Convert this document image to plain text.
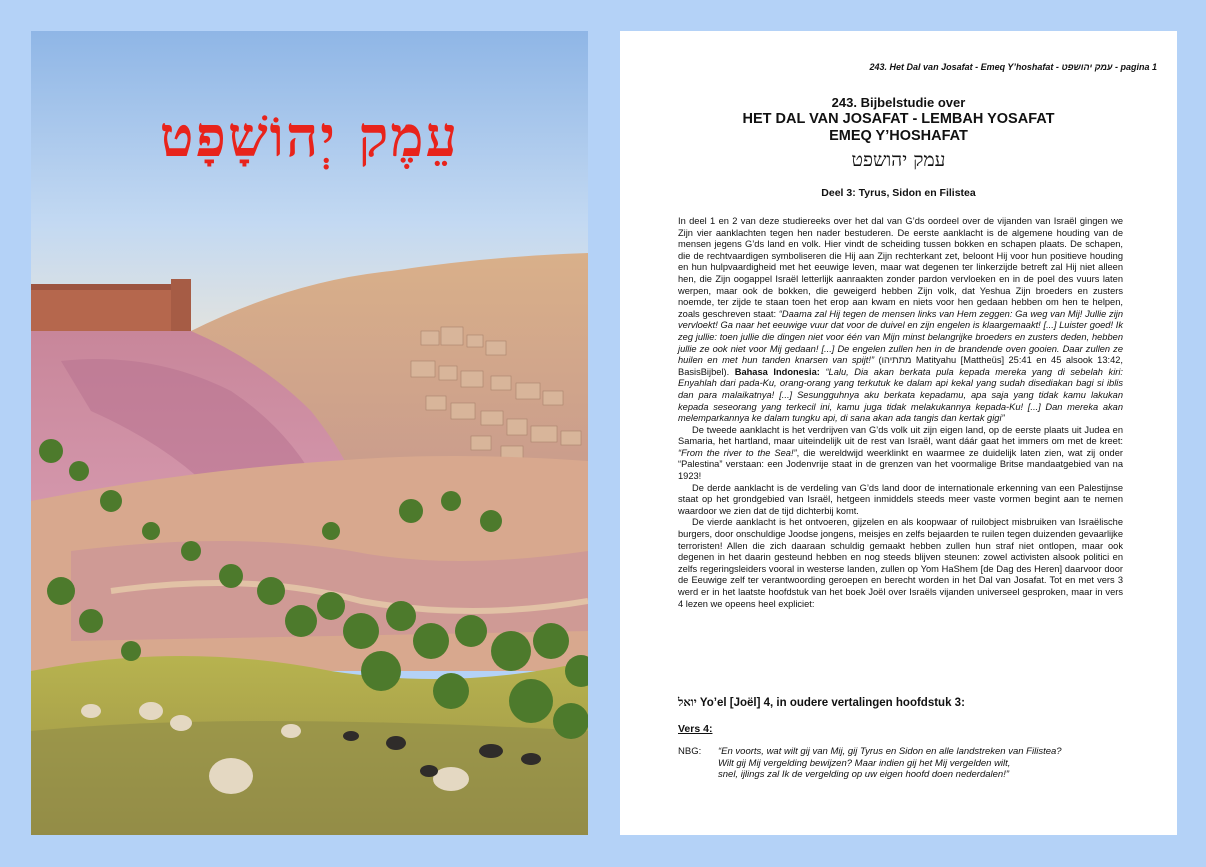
עֵמֶק יְהוֹשָׁפָט
243. Het Dal van Josafat - Emeq Y’hoshafat - עמק יהושפט - pagina 1
243. Bijbelstudie over
HET DAL VAN JOSAFAT - LEMBAH YOSAFAT
EMEQ Y’HOSHAFAT
עמק יהושפט
Deel 3: Tyrus, Sidon en Filistea

In deel 1 en 2 van deze studiereeks over het dal van G’ds oordeel over de vijanden van Israël gingen we Zijn vier aanklachten tegen hen nader bestuderen. De eerste aanklacht is de algemene houding van de mensen jegens G’ds land en volk. Hier vindt de scheiding tussen bokken en schapen plaats. De schapen, die de rechtvaardigen symboliseren die Hij aan Zijn rechterkant zet, beloont Hij voor hun positieve houding en hun hulpvaardigheid met het eeuwige leven, maar wat degenen ter linkerzijde betreft zal Hij niet alleen hen, die Zijn oogappel Israël letterlijk aanraakten zonder pardon vervloeken en in de poel des vuurs laten werpen, maar ook de bokken, die geweigerd hebben Zijn volk, dat Yeshua Zijn broeders en zusters noemde, ter zijde te staan toen het erop aan kwam en niets voor hen gedaan hebben om hen te helpen, zoals geschreven staat: “Daama zal Hij tegen de mensen links van Hem zeggen: Ga weg van Mij! Jullie zijn vervloekt! Ga naar het eeuwige vuur dat voor de duivel en zijn engelen is klaargemaakt! [...] Luister goed! Ik zeg jullie: toen jullie die dingen niet voor één van Mijn minst belangrijke broeders en zusters deden, hebben jullie ze ook niet voor Mij gedaan! [...] De engelen zullen hen in de brandende oven gooien. Daar zullen ze huilen en met hun tanden knarsen van spijt!” (מתתיהו Matityahu [Mattheüs] 25:41 en 45 alsook 13:42, BasisBijbel). Bahasa Indonesia: “Lalu, Dia akan berkata pula kepada mereka yang di sebelah kiri: Enyahlah dari pada-Ku, orang-orang yang terkutuk ke dalam api kekal yang sudah disediakan bagi si iblis dan para malaikatnya! [...] Sesungguhnya aku berkata kepadamu, apa saja yang tidak kamu lakukan kepada seseorang yang terkecil ini, kamu juga tidak melakukannya kepada-Ku! [...] Dan mereka akan melemparkannya ke dalam tungku api, di sana akan ada tangis dan kertak gigi”

De tweede aanklacht is het verdrijven van G’ds volk uit zijn eigen land, op de eerste plaats uit Judea en Samaria, het hartland, maar uiteindelijk uit de rest van Israël, want dáár gaat het immers om met de kreet: “From the river to the Sea!”, die wereldwijd weerklinkt en waarmee ze duidelijk laten zien, wat zij onder “Palestina” verstaan: een Jodenvrije staat in de grenzen van het voormalige Britse mandaatgebied van na 1923!

De derde aanklacht is de verdeling van G’ds land door de internationale erkenning van een Palestijnse staat op het grondgebied van Israël, hetgeen inmiddels steeds meer vaste vormen begint aan te nemen waardoor we zien dat de tijd dichterbij komt.

De vierde aanklacht is het ontvoeren, gijzelen en als koopwaar of ruilobject misbruiken van Israëlische burgers, door onschuldige Joodse jongens, meisjes en zelfs bejaarden te ruilen tegen duizenden gevaarlijke terroristen! Allen die zich daaraan schuldig gemaakt hebben zullen hun straf niet ontlopen, maar ook degenen in het daarin gesteund hebben en nog steeds blijven steunen: zowel activisten alsook politici en zelfs regeringsleiders vooral in westerse landen, zullen op Yom HaShem [de Dag des Heren] daarvoor door de Eeuwige zelf ter verantwoording geroepen en berecht worden in het Dal van Josafat. Tot en met vers 3 werd er in het laatste hoofdstuk van het boek Joël over Israëls vijanden universeel gesproken, maar in vers 4 lezen we opeens heel expliciet:

יואל Yo’el [Joël] 4, in oudere vertalingen hoofdstuk 3:
Vers 4:
NBG: “En voorts, wat wilt gij van Mij, gij Tyrus en Sidon en alle landstreken van Filistea?
Wilt gij Mij vergelding bewijzen? Maar indien gij het Mij vergelden wilt,
snel, ijlings zal Ik de vergelding op uw eigen hoofd doen nederdalen!”
